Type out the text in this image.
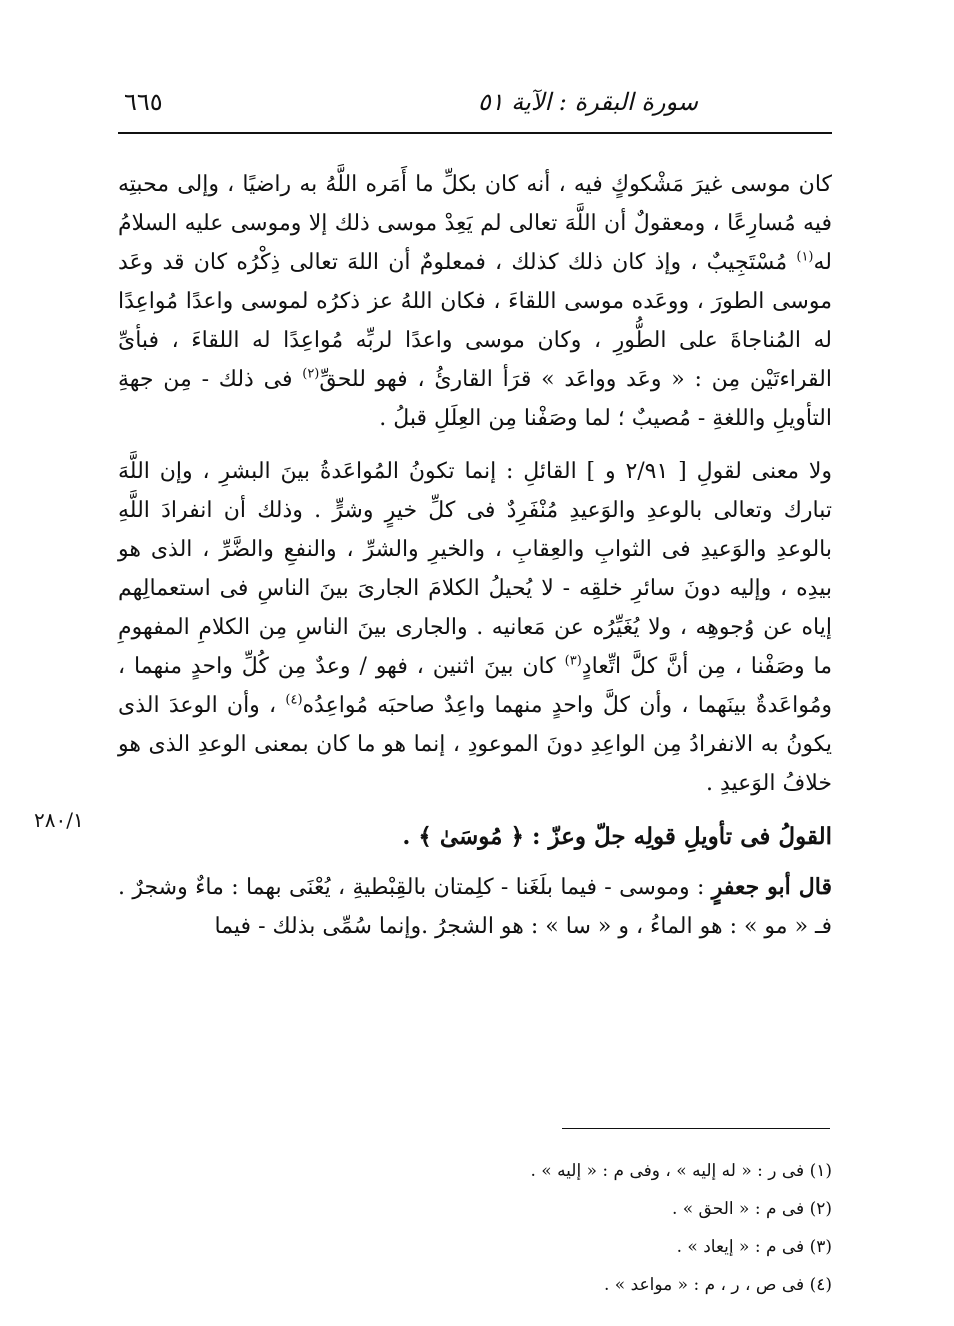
٦٦٥	سورة البقرة : الآية ٥١
٢٨٠/١

كان موسى غيرَ مَشْكوكٍ فيه ، أنه كان بكلِّ ما أَمَره اللَّهُ به راضيًا ، وإلى محبتِه فيه مُسارِعًا ، ومعقولٌ أن اللَّهَ تعالى لم يَعِدْ موسى ذلك إلا وموسى عليه السلامُ له$^{(١)}$ مُسْتَجِيبٌ ، وإذ كان ذلك كذلك ، فمعلومٌ أن اللهَ تعالى ذِكْرُه كان قد وعَد موسى الطورَ ، ووعَده موسى اللقاءَ ، فكان اللهُ عز ذكرُه لموسى واعدًا مُواعِدًا له المُناجاةَ على الطُّورِ ، وكان موسى واعدًا لربِّه مُواعِدًا له اللقاءَ ، فبأىِّ القراءتَيْن مِن : « وعَد وواعَد » قرَأ القارئُ ، فهو للحقِّ$^{(٢)}$ فى ذلك - مِن جهةِ التأويلِ واللغةِ - مُصيبٌ ؛ لما وصَفْنا مِن العِلَلِ قبلُ .

ولا معنى لقولِ [ ٢/٩١ و ] القائلِ : إنما تكونُ المُواعَدةُ بينَ البشرِ ، وإن اللَّهَ تبارك وتعالى بالوعدِ والوَعيدِ مُنْفَرِدٌ فى كلِّ خيرٍ وشرٍّ . وذلك أن انفرادَ اللَّهِ بالوعدِ والوَعيدِ فى الثوابِ والعِقابِ ، والخيرِ والشرِّ ، والنفعِ والضَّرِّ ، الذى هو بيدِه ، وإليه دونَ سائرِ خلقِه - لا يُحيلُ الكلامَ الجارىَ بينَ الناسِ فى استعمالِهم إياه عن وُجوهِه ، ولا يُغَيِّرُه عن مَعانيه . والجارى بينَ الناسِ مِن الكلامِ المفهومِ ما وصَفْنا ، مِن أنَّ كلَّ اتِّعادٍ$^{(٣)}$ كان بينَ اثنين ، فهو / وعدٌ مِن كُلِّ واحدٍ منهما ، ومُواعَدةٌ بينَهما ، وأن كلَّ واحدٍ منهما واعِدٌ صاحبَه مُواعِدُه$^{(٤)}$ ، وأن الوعدَ الذى يكونُ به الانفرادُ مِن الواعِدِ دونَ الموعودِ ، إنما هو ما كان بمعنى الوعدِ الذى هو خلافُ الوَعيدِ .

القولُ فى تأويلِ قولِه جلّ وعزّ : ﴿ مُوسَىٰ ﴾ .

قال أبو جعفرٍ : وموسى - فيما بلَغَنا - كلِمتان بالقِبْطيةِ ، يُعْنَى بهما : ماءٌ وشجرٌ . فـ « مو » : هو الماءُ ، و « سا » : هو الشجرُ .وإنما سُمِّى بذلك - فيما

(١) فى ر : « له إليه » ، وفى م : « إليه » .
(٢) فى م : « الحق » .
(٣) فى م : « إيعاد » .
(٤) فى ص ، ر ، م : « مواعد » .
